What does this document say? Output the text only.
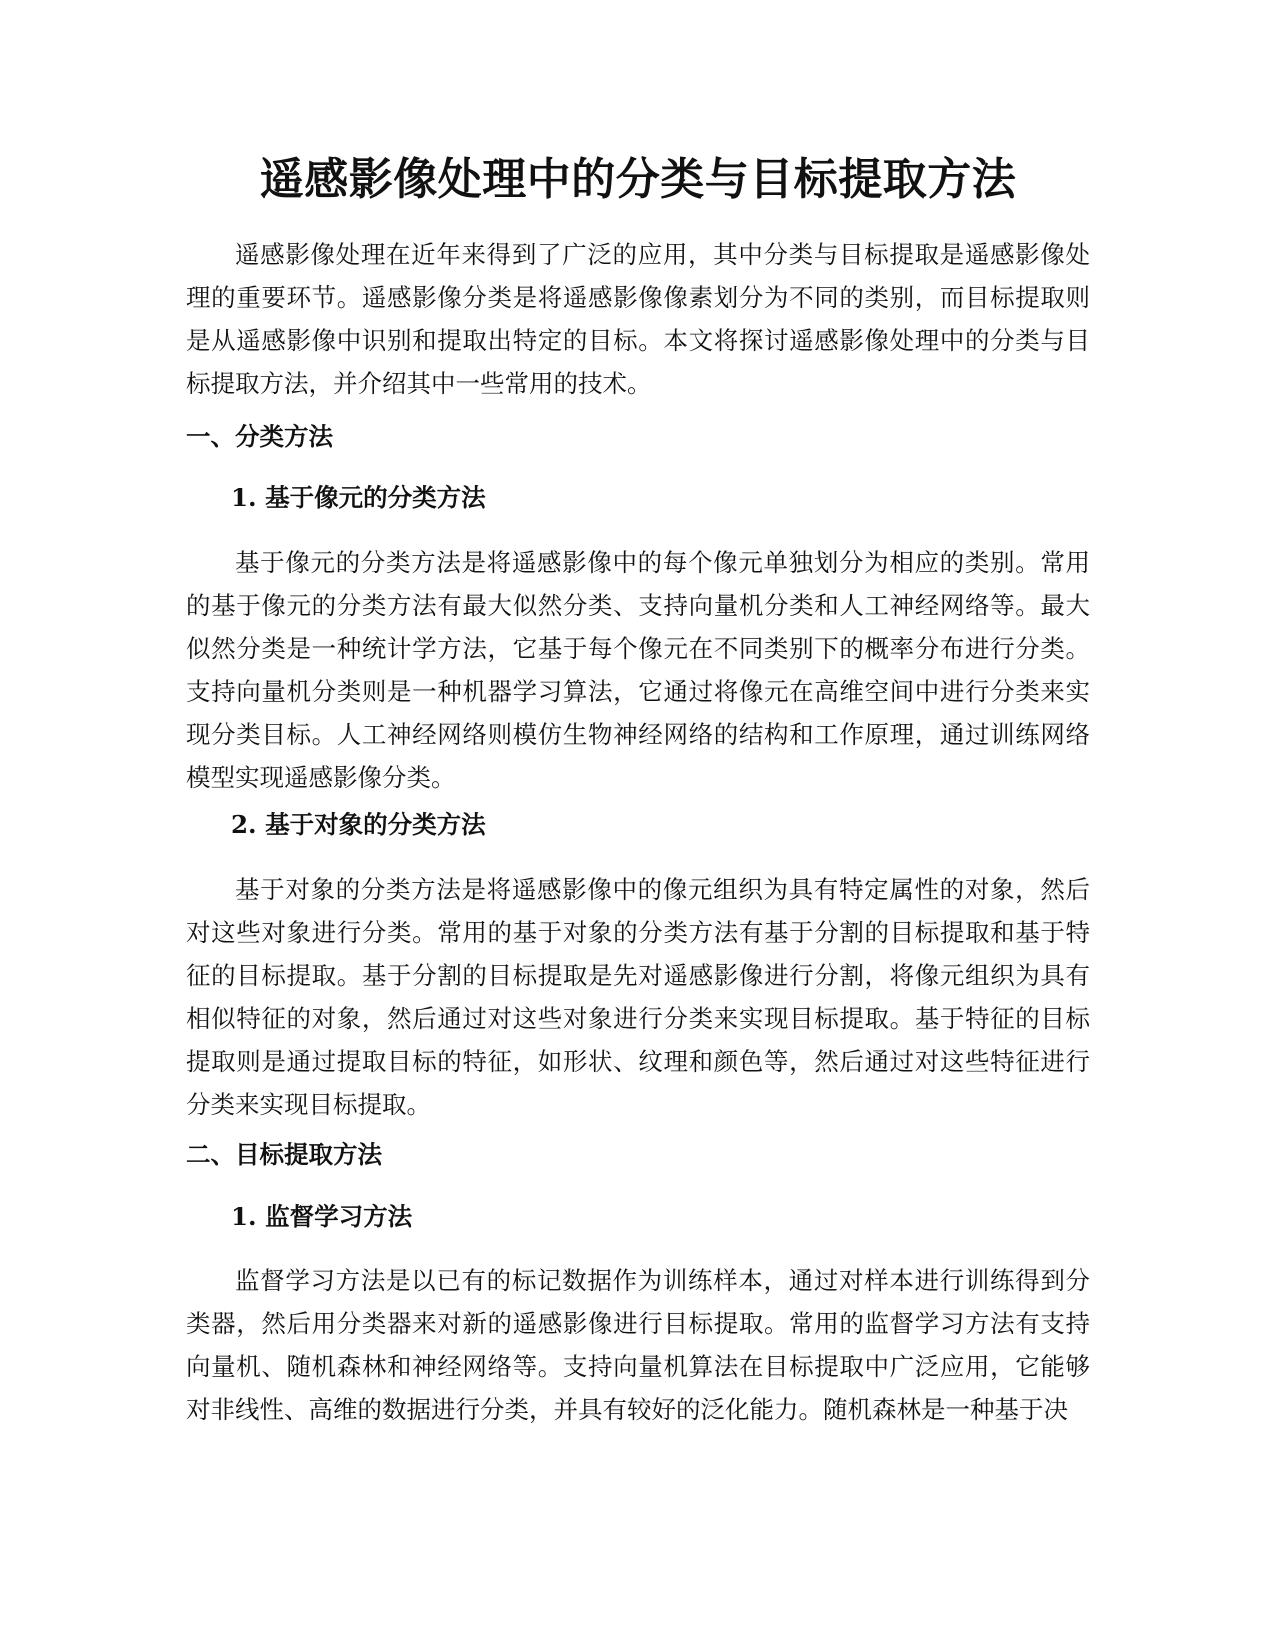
遥感影像处理中的分类与目标提取方法

遥感影像处理在近年来得到了广泛的应用，其中分类与目标提取是遥感影像处理的重要环节。遥感影像分类是将遥感影像像素划分为不同的类别，而目标提取则是从遥感影像中识别和提取出特定的目标。本文将探讨遥感影像处理中的分类与目标提取方法，并介绍其中一些常用的技术。

一、分类方法
1. 基于像元的分类方法

基于像元的分类方法是将遥感影像中的每个像元单独划分为相应的类别。常用的基于像元的分类方法有最大似然分类、支持向量机分类和人工神经网络等。最大似然分类是一种统计学方法，它基于每个像元在不同类别下的概率分布进行分类。支持向量机分类则是一种机器学习算法，它通过将像元在高维空间中进行分类来实现分类目标。人工神经网络则模仿生物神经网络的结构和工作原理，通过训练网络模型实现遥感影像分类。

2. 基于对象的分类方法

基于对象的分类方法是将遥感影像中的像元组织为具有特定属性的对象，然后对这些对象进行分类。常用的基于对象的分类方法有基于分割的目标提取和基于特征的目标提取。基于分割的目标提取是先对遥感影像进行分割，将像元组织为具有相似特征的对象，然后通过对这些对象进行分类来实现目标提取。基于特征的目标提取则是通过提取目标的特征，如形状、纹理和颜色等，然后通过对这些特征进行分类来实现目标提取。

二、目标提取方法
1. 监督学习方法

监督学习方法是以已有的标记数据作为训练样本，通过对样本进行训练得到分类器，然后用分类器来对新的遥感影像进行目标提取。常用的监督学习方法有支持向量机、随机森林和神经网络等。支持向量机算法在目标提取中广泛应用，它能够对非线性、高维的数据进行分类，并具有较好的泛化能力。随机森林是一种基于决
